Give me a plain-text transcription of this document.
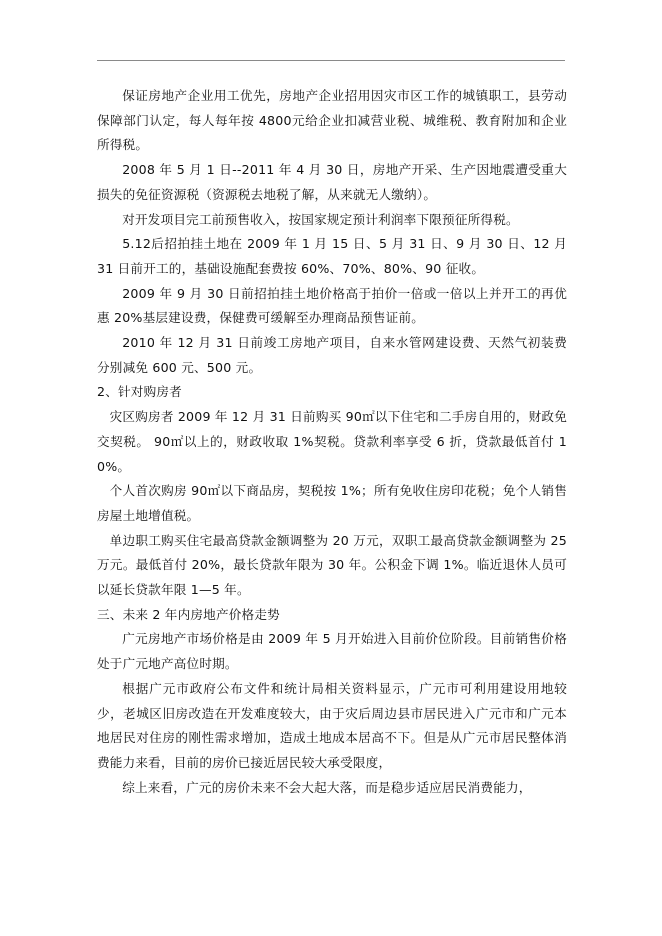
保证房地产企业用工优先，房地产企业招用因灾市区工作的城镇职工，县劳动保障部门认定，每人每年按 4800元给企业扣减营业税、城维税、教育附加和企业所得税。

2008 年 5 月 1 日--2011 年 4 月 30 日，房地产开采、生产因地震遭受重大损失的免征资源税（资源税去地税了解，从来就无人缴纳）。

对开发项目完工前预售收入，按国家规定预计利润率下限预征所得税。

5.12后招拍挂土地在 2009 年 1 月 15 日、5 月 31 日、9 月 30 日、12 月 31 日前开工的，基础设施配套费按 60%、70%、80%、90 征收。

2009 年 9 月 30 日前招拍挂土地价格高于拍价一倍或一倍以上并开工的再优惠 20%基层建设费，保健费可缓解至办理商品预售证前。

2010 年 12 月 31 日前竣工房地产项目，自来水管网建设费、天然气初装费分别减免 600 元、500 元。

2、针对购房者

灾区购房者 2009 年 12 月 31 日前购买 90㎡以下住宅和二手房自用的，财政免交契税。 90㎡以上的，财政收取 1%契税。贷款利率享受 6 折，贷款最低首付 10%。

个人首次购房 90㎡以下商品房，契税按 1%；所有免收住房印花税；免个人销售房屋土地增值税。

单边职工购买住宅最高贷款金额调整为 20 万元，双职工最高贷款金额调整为 25 万元。最低首付 20%，最长贷款年限为 30 年。公积金下调 1%。临近退休人员可以延长贷款年限 1—5 年。

三、未来 2 年内房地产价格走势

广元房地产市场价格是由 2009 年 5 月开始进入目前价位阶段。目前销售价格处于广元地产高位时期。

根据广元市政府公布文件和统计局相关资料显示，广元市可利用建设用地较少，老城区旧房改造在开发难度较大，由于灾后周边县市居民进入广元市和广元本地居民对住房的刚性需求增加，造成土地成本居高不下。但是从广元市居民整体消费能力来看，目前的房价已接近居民较大承受限度，

综上来看，广元的房价未来不会大起大落，而是稳步适应居民消费能力，
